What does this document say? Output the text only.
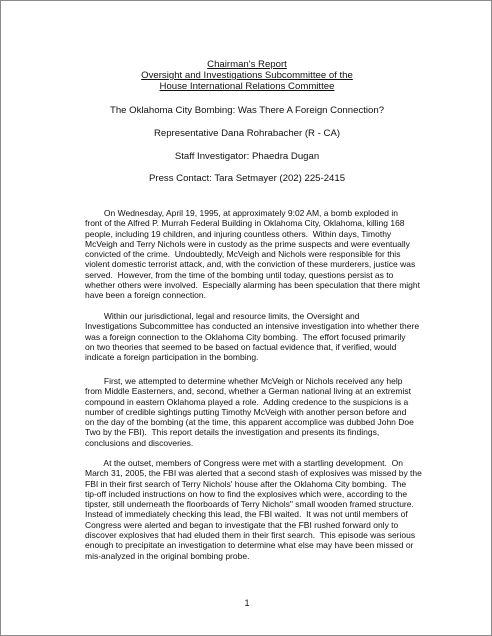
Chairman's Report
Oversight and Investigations Subcommittee of the
House International Relations Committee
The Oklahoma City Bombing: Was There A Foreign Connection?
Representative Dana Rohrabacher (R - CA)
Staff Investigator: Phaedra Dugan
Press Contact: Tara Setmayer (202) 225-2415
On Wednesday, April 19, 1995, at approximately 9:02 AM, a bomb exploded in
front of the Alfred P. Murrah Federal Building in Oklahoma City, Oklahoma, killing 168
people, including 19 children, and injuring countless others.  Within days, Timothy
McVeigh and Terry Nichols were in custody as the prime suspects and were eventually
convicted of the crime.  Undoubtedly, McVeigh and Nichols were responsible for this
violent domestic terrorist attack, and, with the conviction of these murderers, justice was
served.  However, from the time of the bombing until today, questions persist as to
whether others were involved.  Especially alarming has been speculation that there might
have been a foreign connection.
Within our jurisdictional, legal and resource limits, the Oversight and
Investigations Subcommittee has conducted an intensive investigation into whether there
was a foreign connection to the Oklahoma City bombing.  The effort focused primarily
on two theories that seemed to be based on factual evidence that, if verified, would
indicate a foreign participation in the bombing.
First, we attempted to determine whether McVeigh or Nichols received any help
from Middle Easterners, and, second, whether a German national living at an extremist
compound in eastern Oklahoma played a role.  Adding credence to the suspicions is a
number of credible sightings putting Timothy McVeigh with another person before and
on the day of the bombing (at the time, this apparent accomplice was dubbed John Doe
Two by the FBI).  This report details the investigation and presents its findings,
conclusions and discoveries.
At the outset, members of Congress were met with a startling development.  On
March 31, 2005, the FBI was alerted that a second stash of explosives was missed by the
FBI in their first search of Terry Nichols' house after the Oklahoma City bombing.  The
tip-off included instructions on how to find the explosives which were, according to the
tipster, still underneath the floorboards of Terry Nichols" small wooden framed structure.
Instead of immediately checking this lead, the FBI waited.  It was not until members of
Congress were alerted and began to investigate that the FBI rushed forward only to
discover explosives that had eluded them in their first search.  This episode was serious
enough to precipitate an investigation to determine what else may have been missed or
mis-analyzed in the original bombing probe.
1
